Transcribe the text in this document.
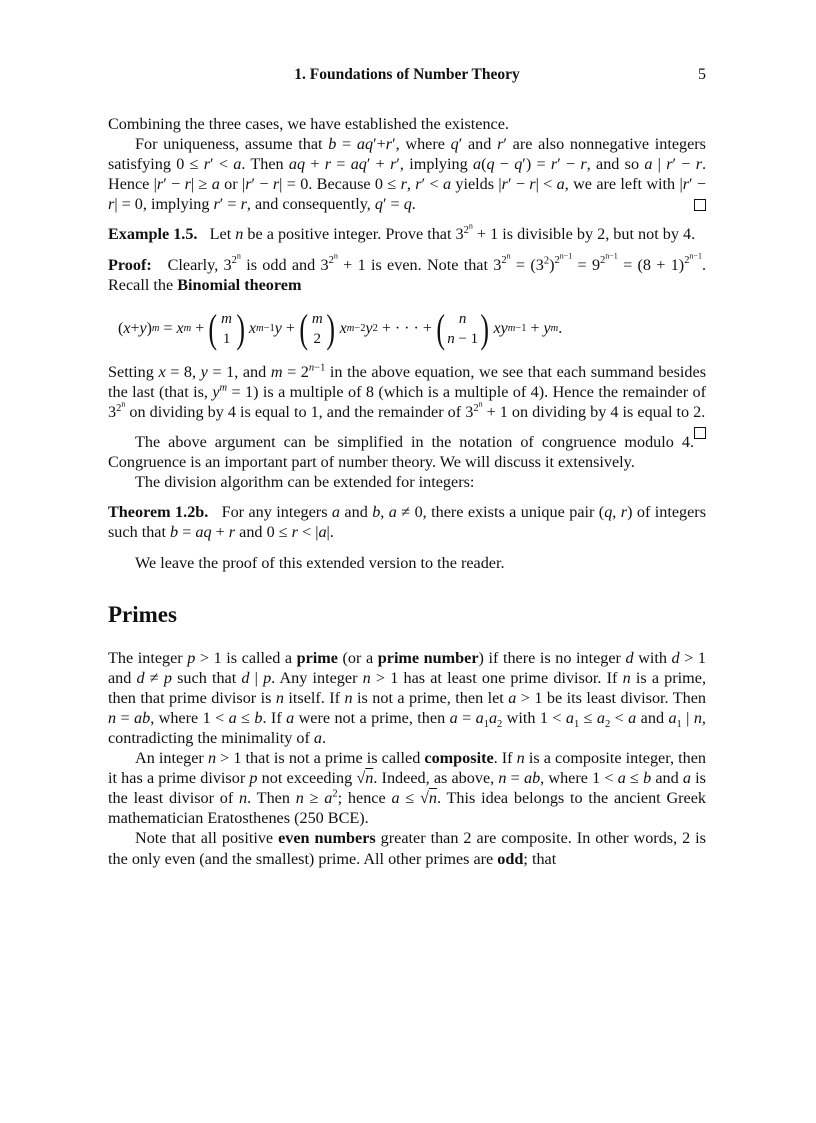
1. Foundations of Number Theory	5

Combining the three cases, we have established the existence.

For uniqueness, assume that b = aq′+r′, where q′ and r′ are also nonnegative integers satisfying 0 ≤ r′ < a. Then aq + r = aq′ + r′, implying a(q − q′) = r′ − r, and so a | r′ − r. Hence |r′ − r| ≥ a or |r′ − r| = 0. Because 0 ≤ r, r′ < a yields |r′ − r| < a, we are left with |r′ − r| = 0, implying r′ = r, and consequently, q′ = q.

Example 1.5.   Let n be a positive integer. Prove that $3^{2^n} + 1$ is divisible by 2, but not by 4.

Proof:   Clearly, $3^{2^n}$ is odd and $3^{2^n} + 1$ is even. Note that $3^{2^n} = (3^2)^{2^{n-1}} = 9^{2^{n-1}} = (8 + 1)^{2^{n-1}}$. Recall the Binomial theorem

( x + y ) m = x m + ( m
1 ) x m−1 y + ( m
2 ) x m−2 y 2 + · · · + ( n
n − 1 ) xy m−1 + y m .

Setting x = 8, y = 1, and $m = 2^{n-1}$ in the above equation, we see that each summand besides the last (that is, $y^m = 1$) is a multiple of 8 (which is a multiple of 4). Hence the remainder of $3^{2^n}$ on dividing by 4 is equal to 1, and the remainder of $3^{2^n} + 1$ on dividing by 4 is equal to 2.

The above argument can be simplified in the notation of congruence modulo 4. Congruence is an important part of number theory. We will discuss it extensively.

The division algorithm can be extended for integers:

Theorem 1.2b.   For any integers a and b, a ≠ 0, there exists a unique pair (q, r) of integers such that b = aq + r and 0 ≤ r < |a|.

We leave the proof of this extended version to the reader.

Primes

The integer p > 1 is called a prime (or a prime number) if there is no integer d with d > 1 and d ≠ p such that d | p. Any integer n > 1 has at least one prime divisor. If n is a prime, then that prime divisor is n itself. If n is not a prime, then let a > 1 be its least divisor. Then n = ab, where 1 < a ≤ b. If a were not a prime, then $a = a_1a_2$ with $1 < a_1 \le a_2 < a$ and $a_1$ | n, contradicting the minimality of a.

An integer n > 1 that is not a prime is called composite. If n is a composite integer, then it has a prime divisor p not exceeding √n. Indeed, as above, n = ab, where 1 < a ≤ b and a is the least divisor of n. Then $n \ge a^2$; hence a ≤ √n. This idea belongs to the ancient Greek mathematician Eratosthenes (250 BCE).

Note that all positive even numbers greater than 2 are composite. In other words, 2 is the only even (and the smallest) prime. All other primes are odd; that
